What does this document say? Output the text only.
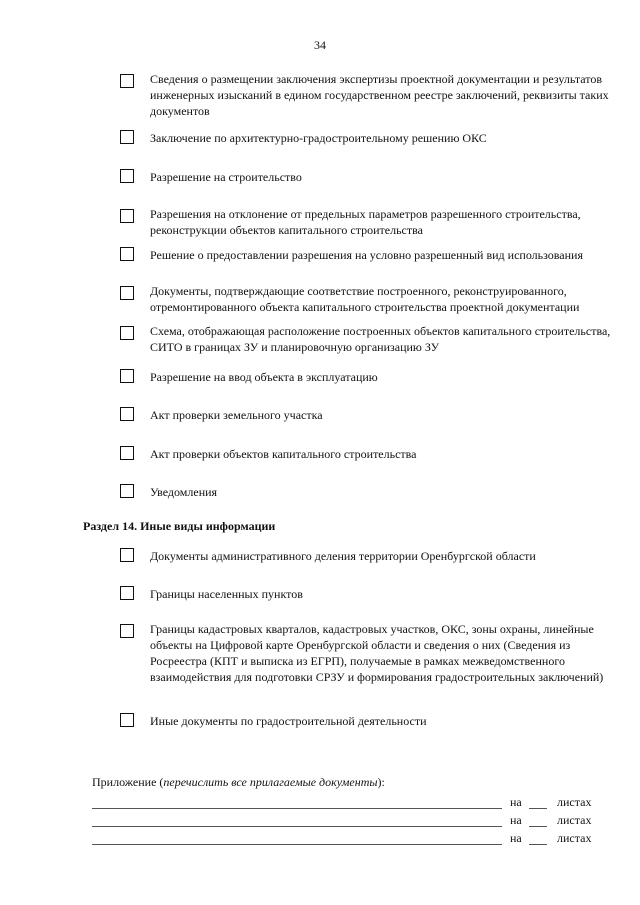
34
Сведения о размещении заключения экспертизы проектной документации и результатов инженерных изысканий в едином государственном реестре заключений, реквизиты таких документов
Заключение по архитектурно-градостроительному решению ОКС
Разрешение на строительство
Разрешения на отклонение от предельных параметров разрешенного строительства, реконструкции объектов капитального строительства
Решение о предоставлении разрешения на условно разрешенный вид использования
Документы, подтверждающие соответствие построенного, реконструированного, отремонтированного объекта капитального строительства проектной документации
Схема, отображающая расположение построенных объектов капитального строительства, СИТО в границах ЗУ и планировочную организацию ЗУ
Разрешение на ввод объекта в эксплуатацию
Акт проверки земельного участка
Акт проверки объектов капитального строительства
Уведомления
Раздел 14. Иные виды информации
Документы административного деления территории Оренбургской области
Границы населенных пунктов
Границы кадастровых кварталов, кадастровых участков, ОКС, зоны охраны, линейные объекты на Цифровой карте Оренбургской области и сведения о них (Сведения из Росреестра (КПТ и выписка из ЕГРП), получаемые в рамках межведомственного взаимодействия для подготовки СРЗУ и формирования градостроительных заключений)
Иные документы по градостроительной деятельности
Приложение (перечислить все прилагаемые документы):
на	листах
на	листах
на	листах
